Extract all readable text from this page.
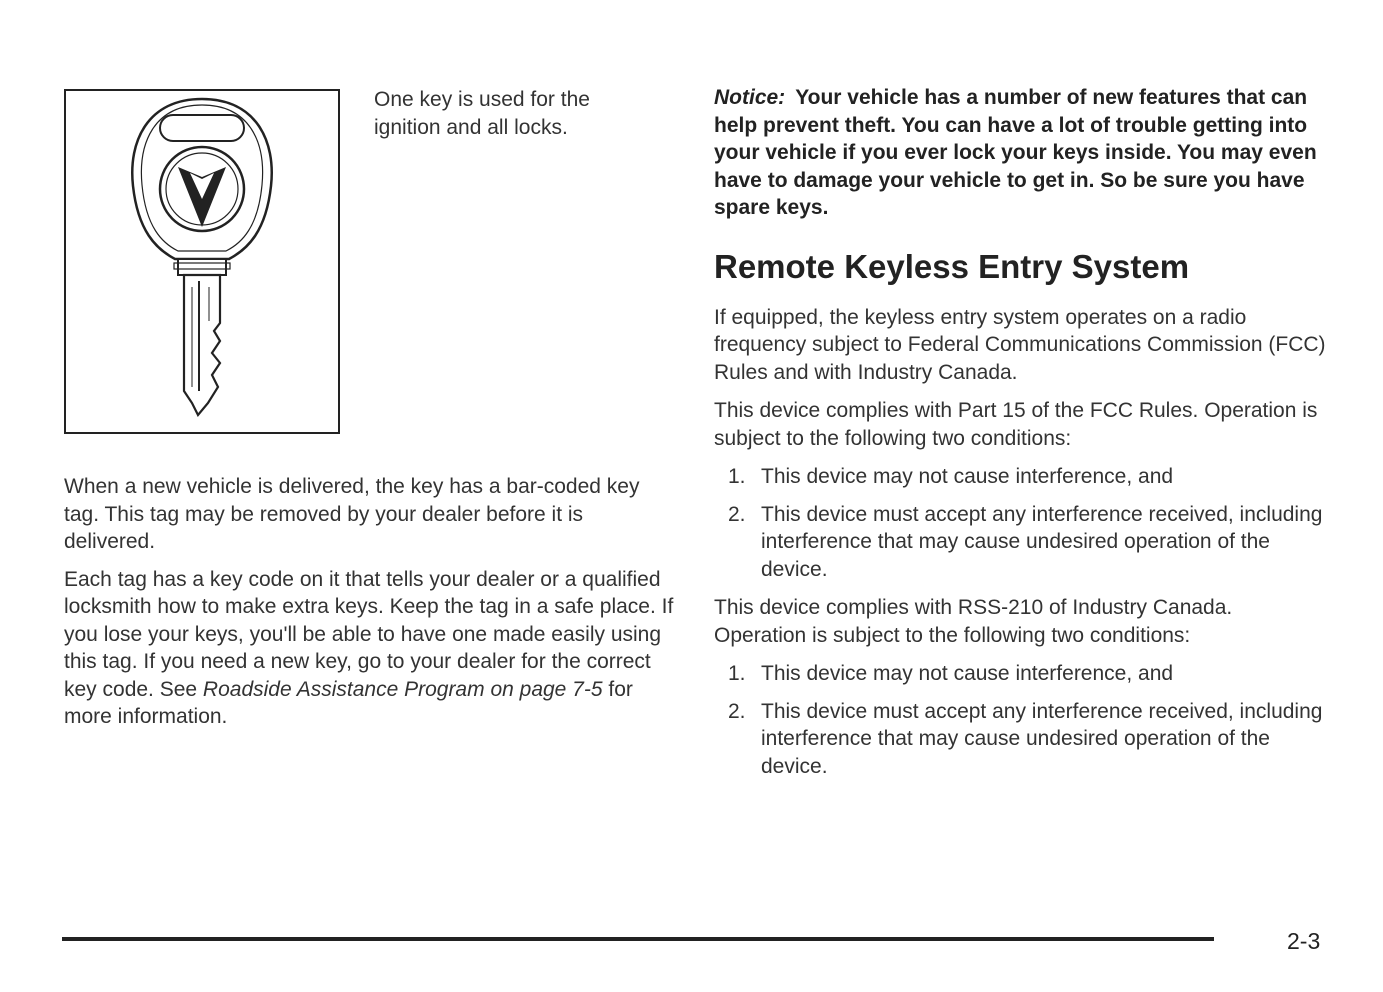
One key is used for the ignition and all locks.

When a new vehicle is delivered, the key has a bar-coded key tag. This tag may be removed by your dealer before it is delivered.

Each tag has a key code on it that tells your dealer or a qualified locksmith how to make extra keys. Keep the tag in a safe place. If you lose your keys, you'll be able to have one made easily using this tag. If you need a new key, go to your dealer for the correct key code. See Roadside Assistance Program on page 7-5 for more information.

Notice: Your vehicle has a number of new features that can help prevent theft. You can have a lot of trouble getting into your vehicle if you ever lock your keys inside. You may even have to damage your vehicle to get in. So be sure you have spare keys.

Remote Keyless Entry System

If equipped, the keyless entry system operates on a radio frequency subject to Federal Communications Commission (FCC) Rules and with Industry Canada.

This device complies with Part 15 of the FCC Rules. Operation is subject to the following two conditions:

1. This device may not cause interference, and
2. This device must accept any interference received, including interference that may cause undesired operation of the device.

This device complies with RSS-210 of Industry Canada. Operation is subject to the following two conditions:

1. This device may not cause interference, and
2. This device must accept any interference received, including interference that may cause undesired operation of the device.
2-3
